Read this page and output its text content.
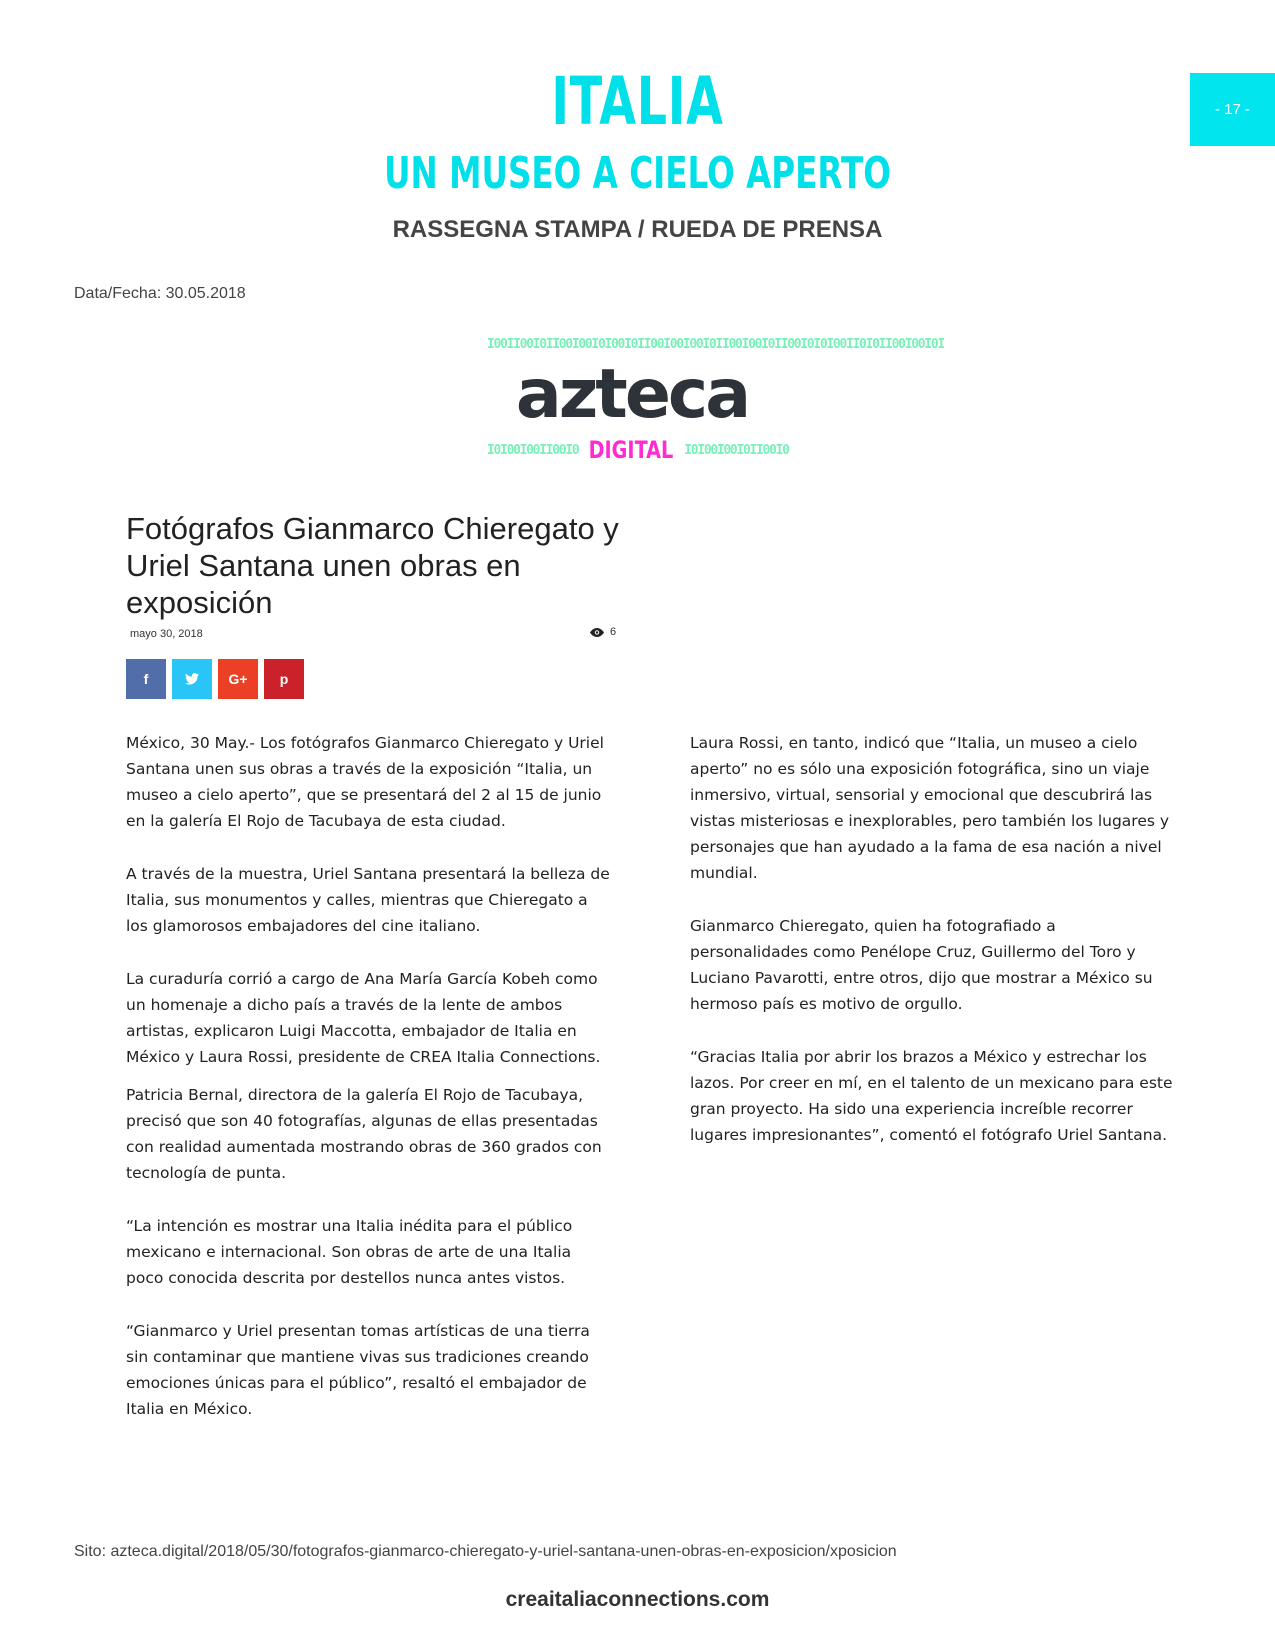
- 17 -
ITALIA
UN MUSEO A CIELO APERTO
RASSEGNA STAMPA / RUEDA DE PRENSA
Data/Fecha: 30.05.2018
I00II00I0II00I00I0I00I0II00I00I00I0II00I00I0II00I0I0I00II0I0II00I00I0I
azteca
I0I00I00II00I0 DIGITAL I0I00I00I0II00I0
Fotógrafos Gianmarco Chieregato y Uriel Santana unen obras en exposición
mayo 30, 2018	6
f	G+ p

México, 30 May.- Los fotógrafos Gianmarco Chieregato y Uriel Santana unen sus obras a través de la exposición “Italia, un museo a cielo aperto”, que se presentará del 2 al 15 de junio en la galería El Rojo de Tacubaya de esta ciudad.

A través de la muestra, Uriel Santana presentará la belleza de Italia, sus monumentos y calles, mientras que Chieregato a los glamorosos embajadores del cine italiano.

La curaduría corrió a cargo de Ana María García Kobeh como un homenaje a dicho país a través de la lente de ambos artistas, explicaron Luigi Maccotta, embajador de Italia en México y Laura Rossi, presidente de CREA Italia Connections.

Patricia Bernal, directora de la galería El Rojo de Tacubaya, precisó que son 40 fotografías, algunas de ellas presentadas con realidad aumentada mostrando obras de 360 grados con tecnología de punta.

“La intención es mostrar una Italia inédita para el público mexicano e internacional. Son obras de arte de una Italia poco conocida descrita por destellos nunca antes vistos.

“Gianmarco y Uriel presentan tomas artísticas de una tierra sin contaminar que mantiene vivas sus tradiciones creando emociones únicas para el público”, resaltó el embajador de Italia en México.

Laura Rossi, en tanto, indicó que “Italia, un museo a cielo aperto” no es sólo una exposición fotográfica, sino un viaje inmersivo, virtual, sensorial y emocional que descubrirá las vistas misteriosas e inexplorables, pero también los lugares y personajes que han ayudado a la fama de esa nación a nivel mundial.

Gianmarco Chieregato, quien ha fotografiado a personalidades como Penélope Cruz, Guillermo del Toro y Luciano Pavarotti, entre otros, dijo que mostrar a México su hermoso país es motivo de orgullo.

“Gracias Italia por abrir los brazos a México y estrechar los lazos. Por creer en mí, en el talento de un mexicano para este gran proyecto. Ha sido una experiencia increíble recorrer lugares impresionantes”, comentó el fotógrafo Uriel Santana.

Sito: azteca.digital/2018/05/30/fotografos-gianmarco-chieregato-y-uriel-santana-unen-obras-en-exposicion/xposicion
creaitaliaconnections.com
